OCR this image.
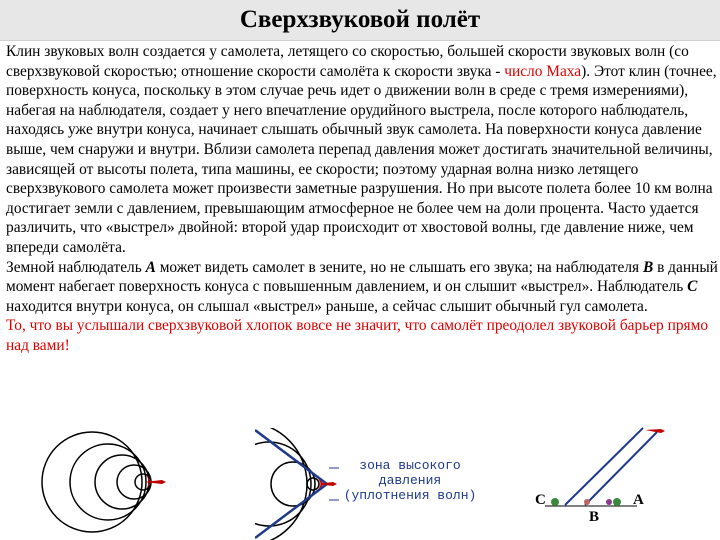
Сверхзвуковой полёт

Клин звуковых волн создается у самолета, летящего со скоростью, большей скорости звуковых волн (со сверхзвуковой скоростью; отношение скорости самолёта к скорости звука - число Маха). Этот клин (точнее, поверхность конуса, поскольку в этом случае речь идет о движении волн в среде с тремя измерениями), набегая на наблюдателя, создает у него впечатление орудийного выстрела, после которого наблюдатель, находясь уже внутри конуса, начинает слышать обычный звук самолета. На поверхности конуса давление выше, чем снаружи и внутри. Вблизи самолета перепад давления может достигать значительной величины, зависящей от высоты полета, типа машины, ее скорости; поэтому ударная волна низко летящего сверхзвукового самолета может произвести заметные разрушения. Но при высоте полета более 10 км волна достигает земли с давлением, превышающим атмосферное не более чем на доли процента. Часто удается различить, что «выстрел» двойной: второй удар происходит от хвостовой волны, где давление ниже, чем впереди самолёта.

Земной наблюдатель А может видеть самолет в зените, но не слышать его звука; на наблюдателя В в данный момент набегает поверхность конуса с повышенным давлением, и он слышит «выстрел». Наблюдатель С находится внутри конуса, он слышал «выстрел» раньше, а сейчас слышит обычный гул самолета.

То, что вы услышали сверхзвуковой хлопок вовсе не значит, что самолёт преодолел звуковой барьер прямо над вами!

зона высокого
давления
(уплотнения волн)	С
В
А
